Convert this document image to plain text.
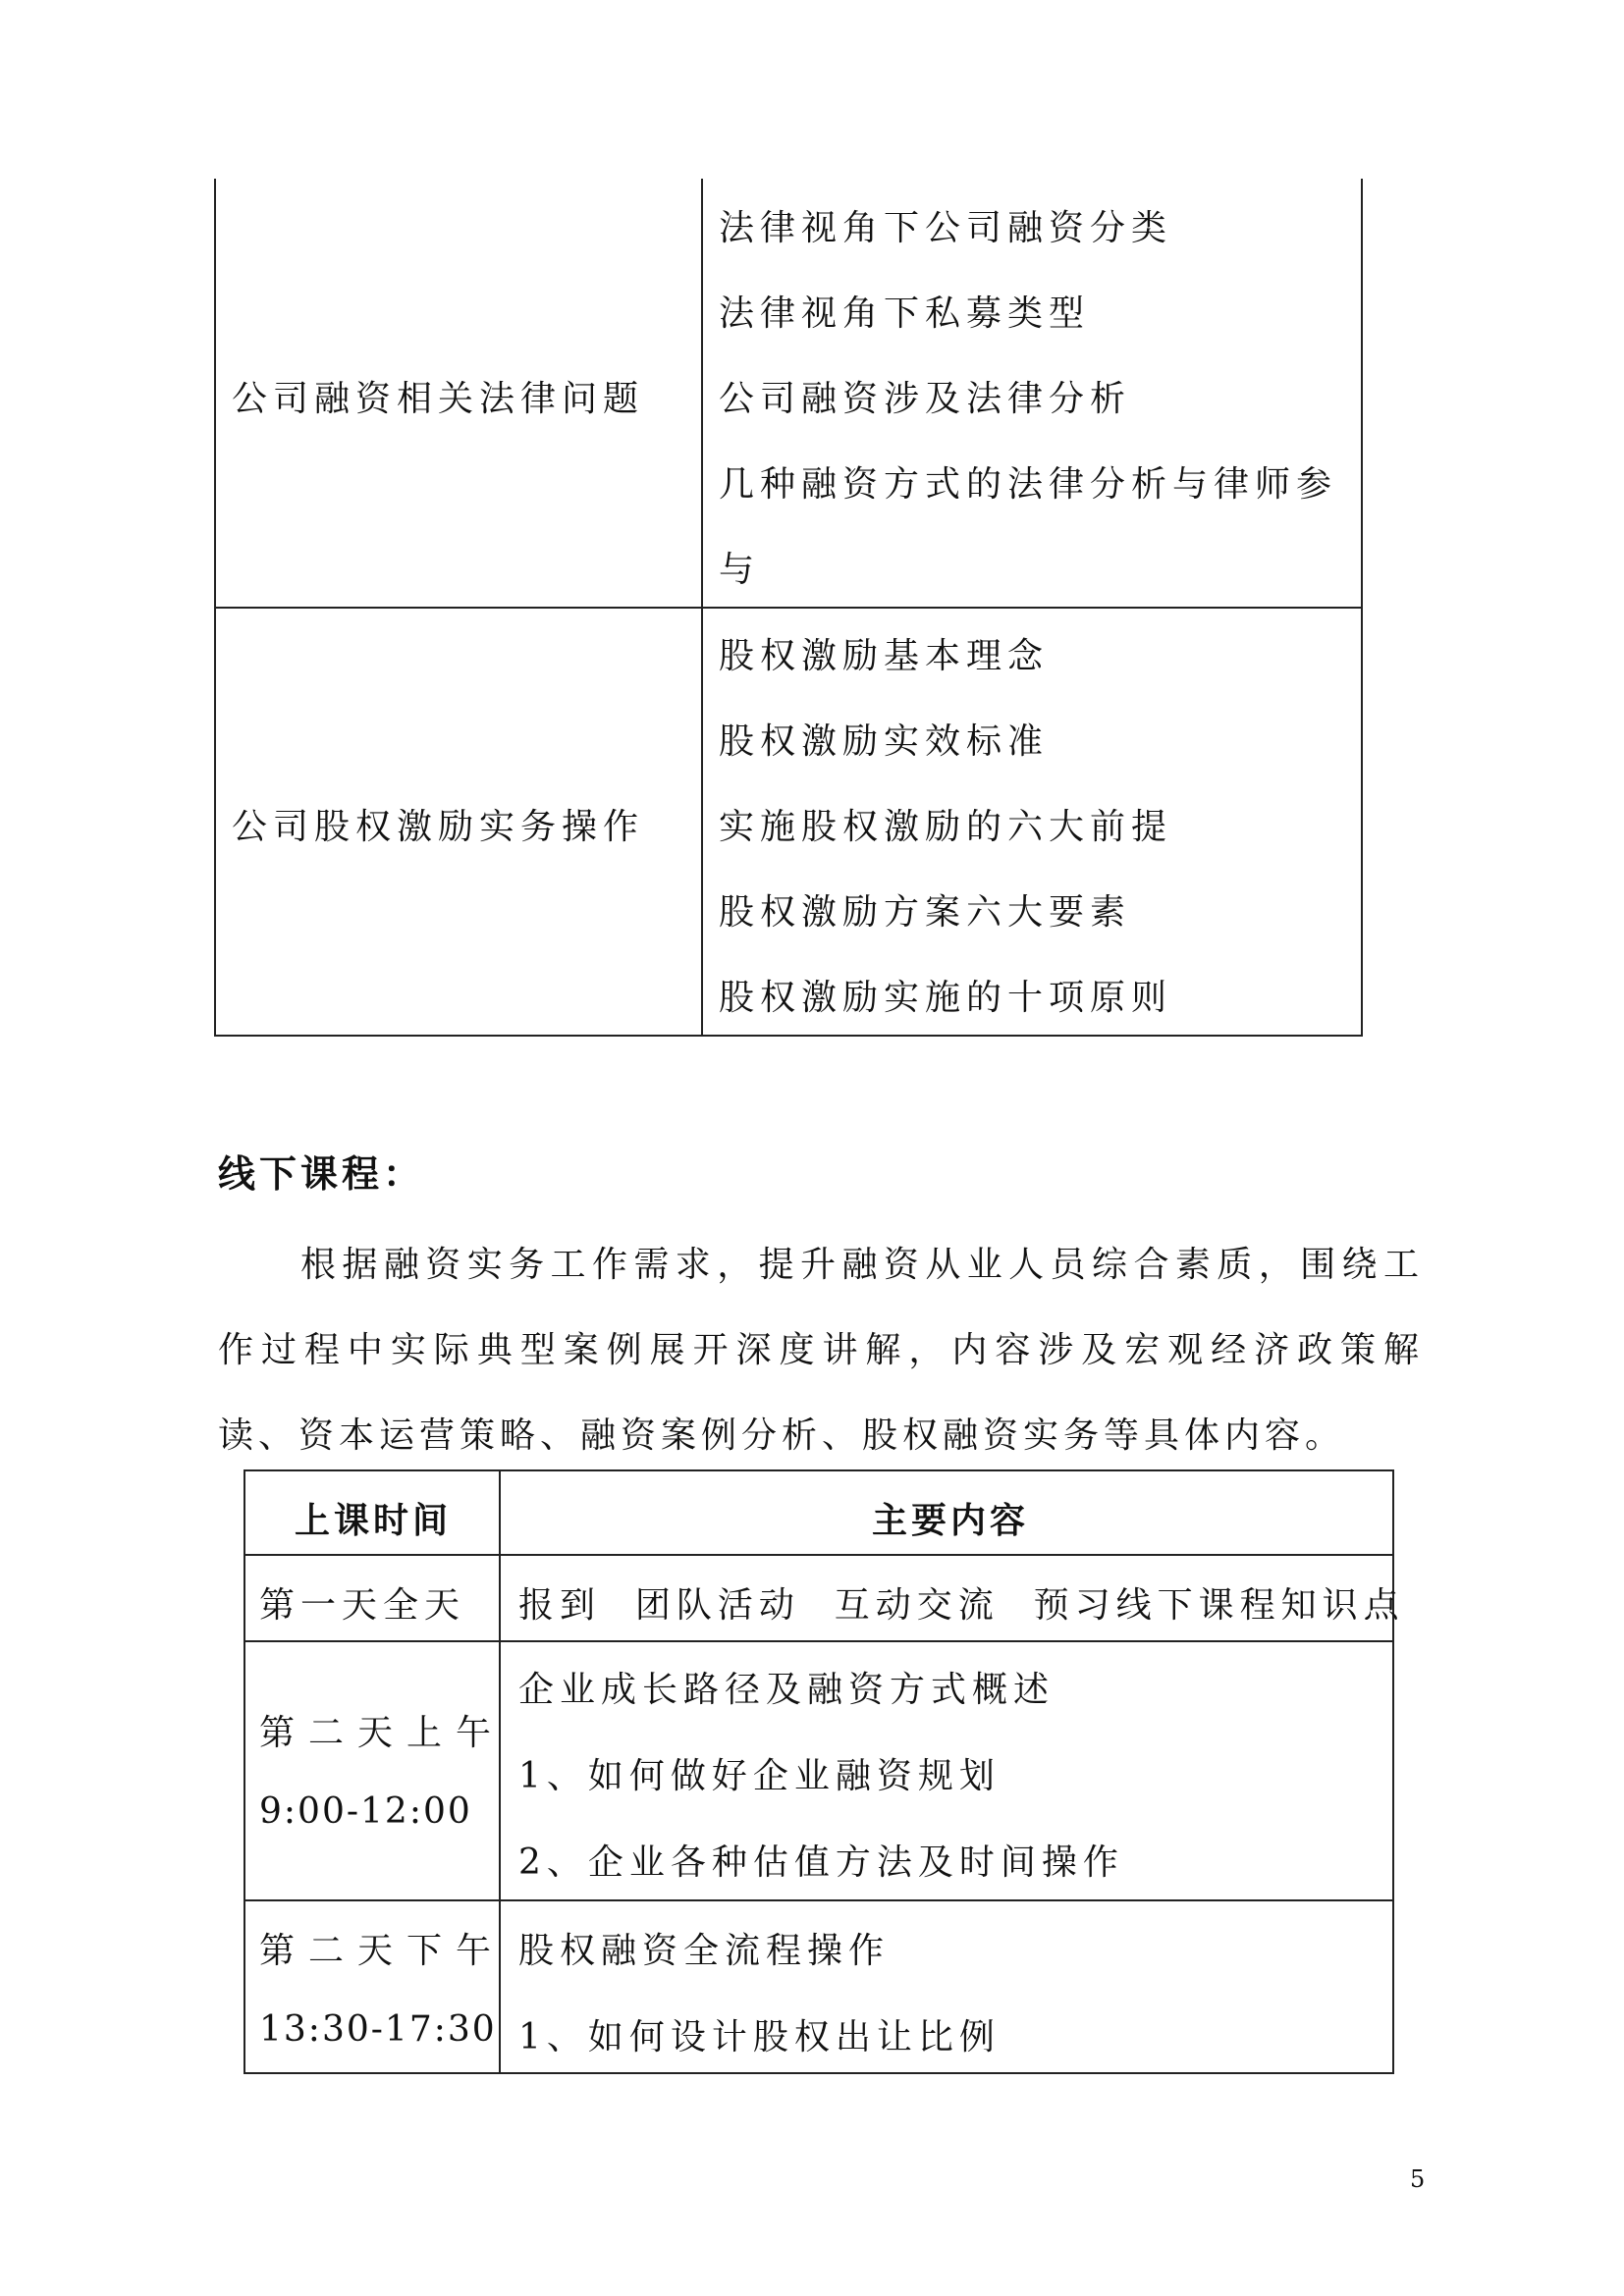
公司融资相关法律问题
法律视角下公司融资分类
法律视角下私募类型
公司融资涉及法律分析
几种融资方式的法律分析与律师参
与
公司股权激励实务操作
股权激励基本理念
股权激励实效标准
实施股权激励的六大前提
股权激励方案六大要素
股权激励实施的十项原则
线下课程：
根据融资实务工作需求，提升融资从业人员综合素质，围绕工作过程中实际典型案例展开深度讲解，内容涉及宏观经济政策解读、资本运营策略、融资案例分析、股权融资实务等具体内容。
上课时间	主要内容
第一天全天 报到  团队活动  互动交流  预习线下课程知识点
第二天上午
9:00-12:00
企业成长路径及融资方式概述
1、如何做好企业融资规划
2、企业各种估值方法及时间操作
第二天下午
13:30-17:30
股权融资全流程操作
1、如何设计股权出让比例
5
